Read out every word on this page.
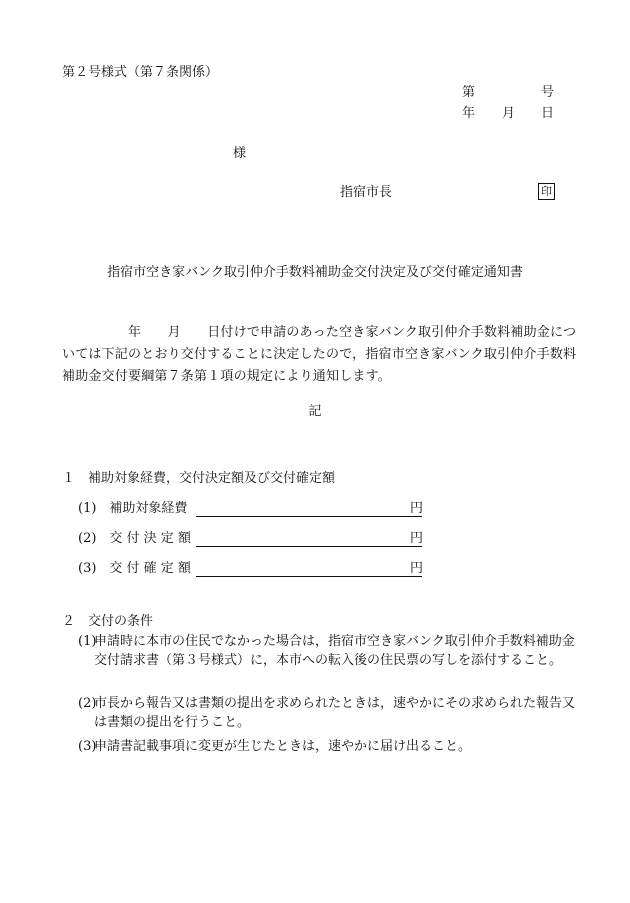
第２号様式（第７条関係）
第	号
年 月 日
様
指宿市長	印
指宿市空き家バンク取引仲介手数料補助金交付決定及び交付確定通知書
　　　　　年　　月　　日付けで申請のあった空き家バンク取引仲介手数料補助金については下記のとおり交付することに決定したので，指宿市空き家バンク取引仲介手数料補助金交付要綱第７条第１項の規定により通知します。
記
１　補助対象経費，交付決定額及び交付確定額
(1)　補助対象経費	円
(2)　交 付 決 定 額	円
(3)　交 付 確 定 額	円
２　交付の条件
(1)
申請時に本市の住民でなかった場合は，指宿市空き家バンク取引仲介手数料補助金交付請求書（第３号様式）に，本市への転入後の住民票の写しを添付すること。
(2)
市長から報告又は書類の提出を求められたときは，速やかにその求められた報告又は書類の提出を行うこと。
(3)
申請書記載事項に変更が生じたときは，速やかに届け出ること。
